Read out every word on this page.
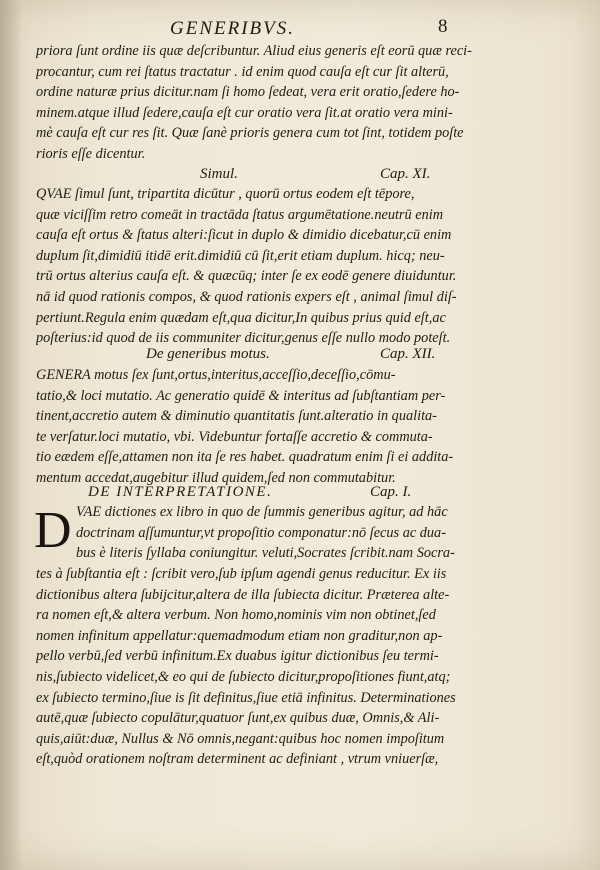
GENERIBVS.	8
priora ſunt ordine iis quæ deſcribuntur. Aliud eius generis eſt eorū quæ reci-
procantur, cum rei ſtatus tractatur . id enim quod cauſa eſt cur ſit alterū,
ordine naturæ prius dicitur.nam ſi homo ſedeat, vera erit oratio,ſedere ho-
minem.atque illud ſedere,cauſa eſt cur oratio vera ſit.at oratio vera mini-
mè cauſa eſt cur res ſit. Quæ ſanè prioris genera cum tot ſint, totidem poſte
rioris eſſe dicentur.
Simul.	Cap. XI.
QVAE ſimul ſunt, tripartita dicūtur , quorū ortus eodem eſt tēpore,
quæ viciſſim retro comeāt in tractāda ſtatus argumētatione.neutrū enim
cauſa eſt ortus & ſtatus alteri:ſicut in duplo & dimidio dicebatur,cū enim
duplum ſit,dimidiū itidē erit.dimidiū cū ſit,erit etiam duplum. hicq; neu-
trū ortus alterius cauſa eſt. & quæcūq; inter ſe ex eodē genere diuiduntur.
nā id quod rationis compos, & quod rationis expers eſt , animal ſimul diſ-
pertiunt.Regula enim quædam eſt,qua dicitur,In quibus prius quid eſt,ac
poſterius:id quod de iis communiter dicitur,genus eſſe nullo modo poteſt.
De generibus motus.	Cap. XII.
GENERA motus ſex ſunt,ortus,interitus,acceſſio,deceſſio,cōmu-
tatio,& loci mutatio. Ac generatio quidē & interitus ad ſubſtantiam per-
tinent,accretio autem & diminutio quantitatis ſunt.alteratio in qualita-
te verſatur.loci mutatio, vbi. Videbuntur fortaſſe accretio & commuta-
tio eædem eſſe,attamen non ita ſe res habet. quadratum enim ſi ei addita-
mentum accedat,augebitur illud quidem,ſed non commutabitur.
DE INTERPRETATIONE.	Cap. I.
D VAE dictiones ex libro in quo de ſummis generibus agitur, ad hāc
doctrinam aſſumuntur,vt propoſitio componatur:nō ſecus ac dua-
bus è literis ſyllaba coniungitur. veluti,Socrates ſcribit.nam Socra-
tes à ſubſtantia eſt : ſcribit vero,ſub ipſum agendi genus reducitur. Ex iis
dictionibus altera ſubijcitur,altera de illa ſubiecta dicitur. Præterea alte-
ra nomen eſt,& altera verbum. Non homo,nominis vim non obtinet,ſed
nomen infinitum appellatur:quemadmodum etiam non graditur,non ap-
pello verbū,ſed verbū infinitum.Ex duabus igitur dictionibus ſeu termi-
nis,ſubiecto videlicet,& eo qui de ſubiecto dicitur,propoſitiones fiunt,atq;
ex ſubiecto termino,ſiue is ſit definitus,ſiue etiā infinitus. Determinationes
autē,quæ ſubiecto copulātur,quatuor ſunt,ex quibus duæ, Omnis,& Ali-
quis,aiūt:duæ, Nullus & Nō omnis,negant:quibus hoc nomen impoſitum
eſt,quòd orationem noſtram determinent ac definiant , vtrum vniuerſæ,
